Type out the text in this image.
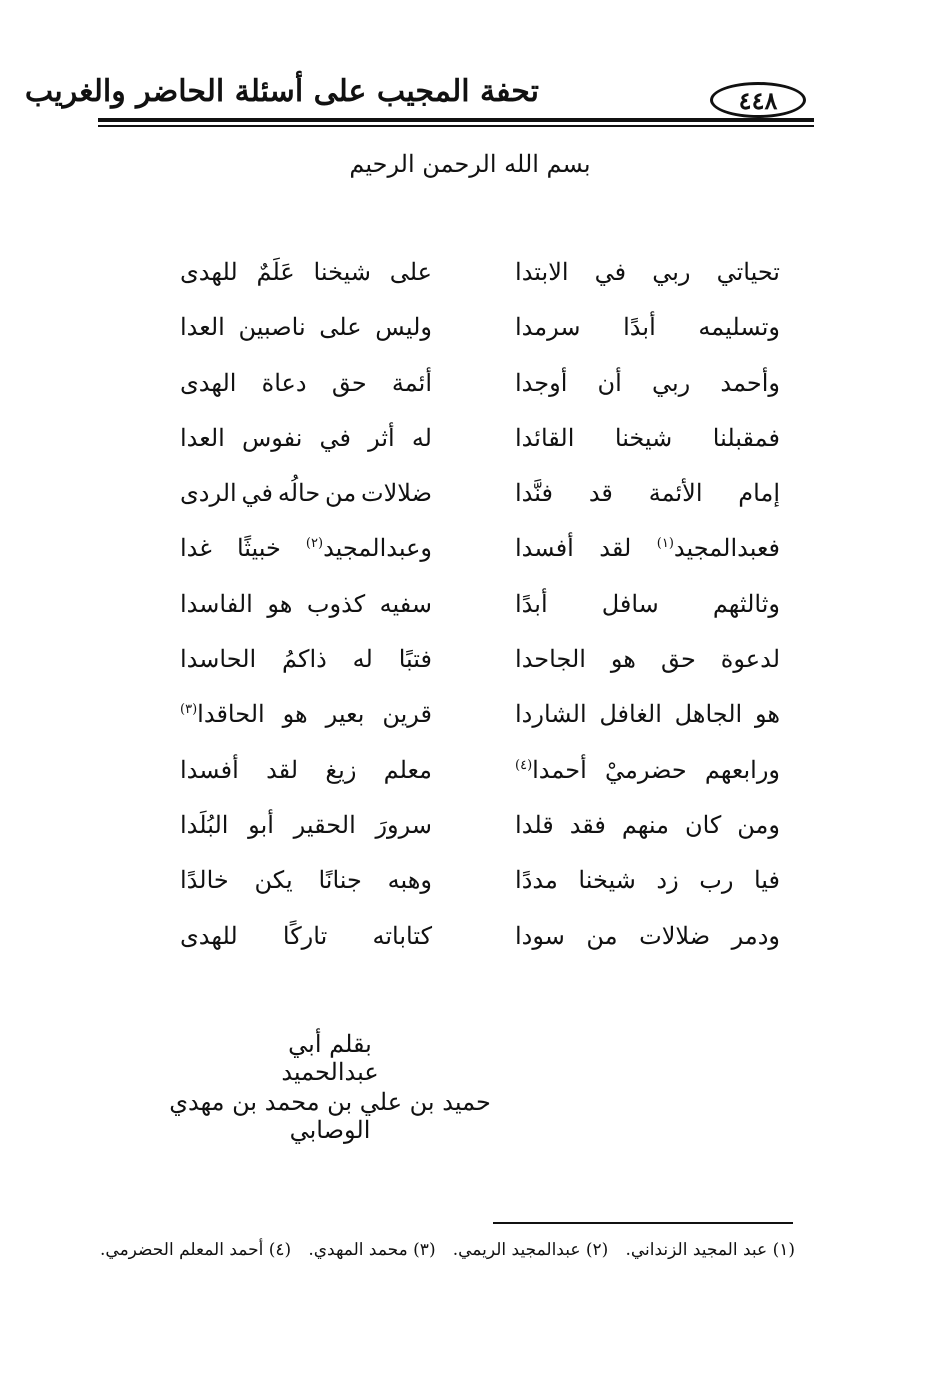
تحفة المجيب على أسئلة الحاضر والغريب	٤٤٨
بسم الله الرحمن الرحيم
تحياتي
ربي
في
الابتدا
على
شيخنا
عَلَمٌ
للهدى
وتسليمه
أبدًا
سرمدا
وليس
على
ناصبين
العدا
وأحمد
ربي
أن
أوجدا
أئمة
حق
دعاة
الهدى
فمقبلنا
شيخنا
القائدا
له
أثر
في
نفوس
العدا
إمام
الأئمة
قد
فنَّدا
ضلالات
من
حالُه
في
الردى
فعبدالمجيد$^{(١)}$
لقد
أفسدا
وعبدالمجيد$^{(٢)}$
خبيثًا
غدا
وثالثهم
سافل
أبدًا
سفيه
كذوب
هو
الفاسدا
لدعوة
حق
هو
الجاحدا
فتبًا
له
ذاكمُ
الحاسدا
هو
الجاهل
الغافل
الشاردا
قرين
بعير
هو
الحاقدا$^{(٣)}$
ورابعهم
حضرميْ
أحمدا$^{(٤)}$
معلم
زيغ
لقد
أفسدا
ومن
كان
منهم
فقد
قلدا
سرورَ
الحقير
أبو
البُلَدا
فيا
رب
زد
شيخنا
مددًا
وهبه
جنانًا
يكن
خالدًا
ودمر
ضلالات
من
سودا
كتاباته
تاركًا
للهدى
بقلم أبي عبدالحميد
حميد بن علي بن محمد بن مهدي الوصابي
(١) عبد المجيد الزنداني.
(٢) عبدالمجيد الريمي.
(٣) محمد المهدي.
(٤) أحمد المعلم الحضرمي.
